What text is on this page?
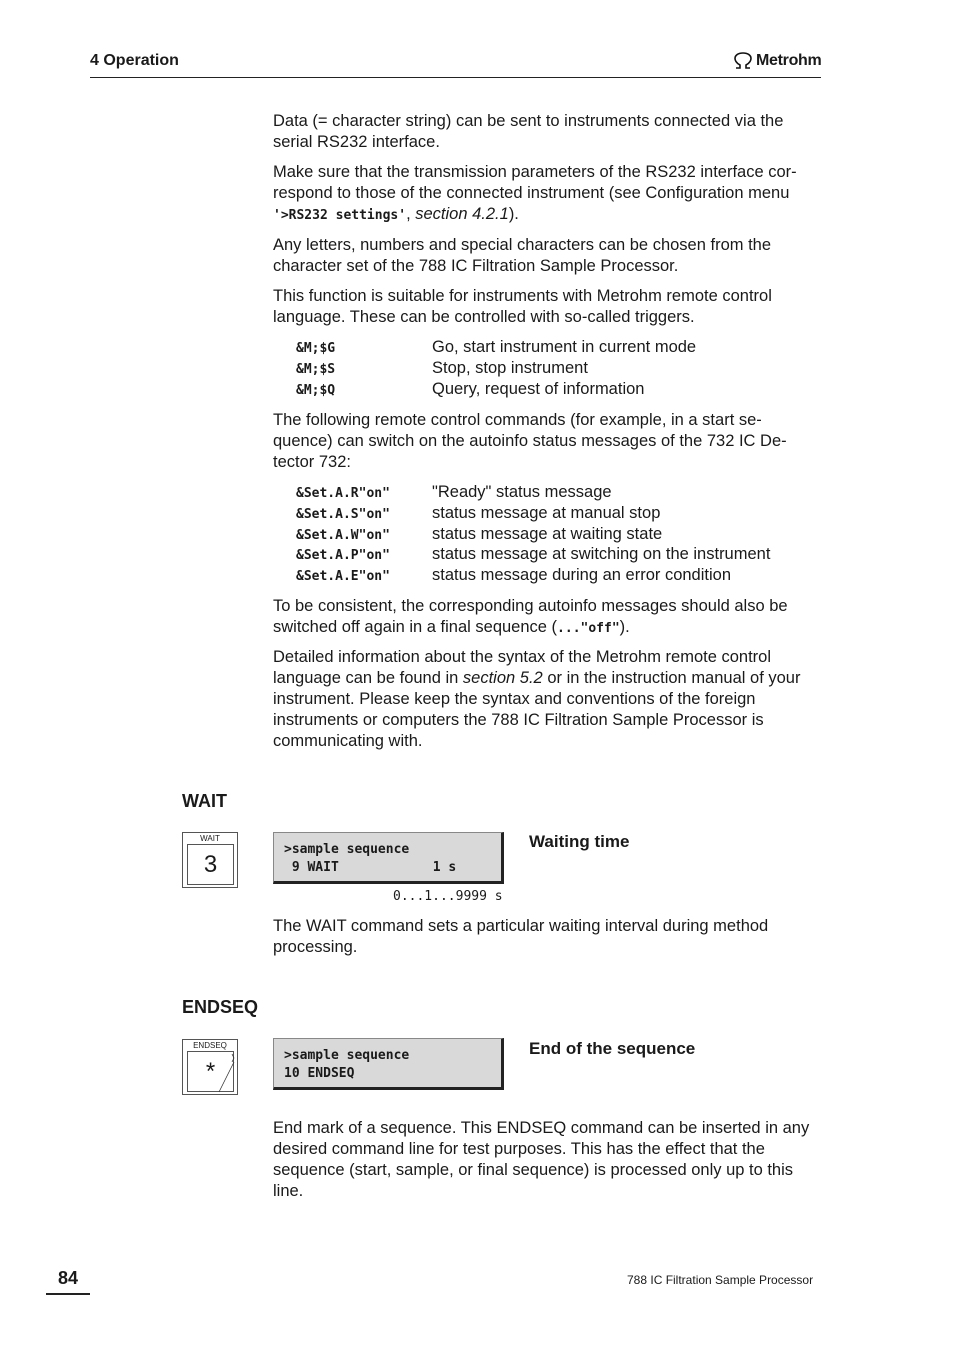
4 Operation	Metrohm
Data (= character string) can be sent to instruments connected via the serial RS232 interface.
Make sure that the transmission parameters of the RS232 interface cor- respond to those of the connected instrument (see Configuration menu
'>RS232 settings', section 4.2.1).
Any letters, numbers and special characters can be chosen from the character set of the 788 IC Filtration Sample Processor.
This function is suitable for instruments with Metrohm remote control language. These can be controlled with so-called triggers.
&M;$G	Go, start instrument in current mode
&M;$S	Stop, stop instrument
&M;$Q	Query, request of information
The following remote control commands (for example, in a start se- quence) can switch on the autoinfo status messages of the 732 IC De- tector 732:
&Set.A.R"on"	"Ready" status message
&Set.A.S"on"	status message at manual stop
&Set.A.W"on"	status message at waiting state
&Set.A.P"on"	status message at switching on the instrument
&Set.A.E"on"	status message during an error condition
To be consistent, the corresponding autoinfo messages should also be switched off again in a final sequence (..."off").
Detailed information about the syntax of the Metrohm remote control language can be found in section 5.2 or in the instruction manual of your instrument. Please keep the syntax and conventions of the foreign instruments or computers the 788 IC Filtration Sample Processor is communicating with.
WAIT
WAIT
3
>sample sequence
9 WAIT            1 s
Waiting time
0...1...9999 s
The WAIT command sets a particular waiting interval during method processing.
ENDSEQ
ENDSEQ
*
>sample sequence
10 ENDSEQ
End of the sequence
End mark of a sequence. This ENDSEQ command can be inserted in any desired command line for test purposes. This has the effect that the sequence (start, sample, or final sequence) is processed only up to this line.
84	788 IC Filtration Sample Processor
